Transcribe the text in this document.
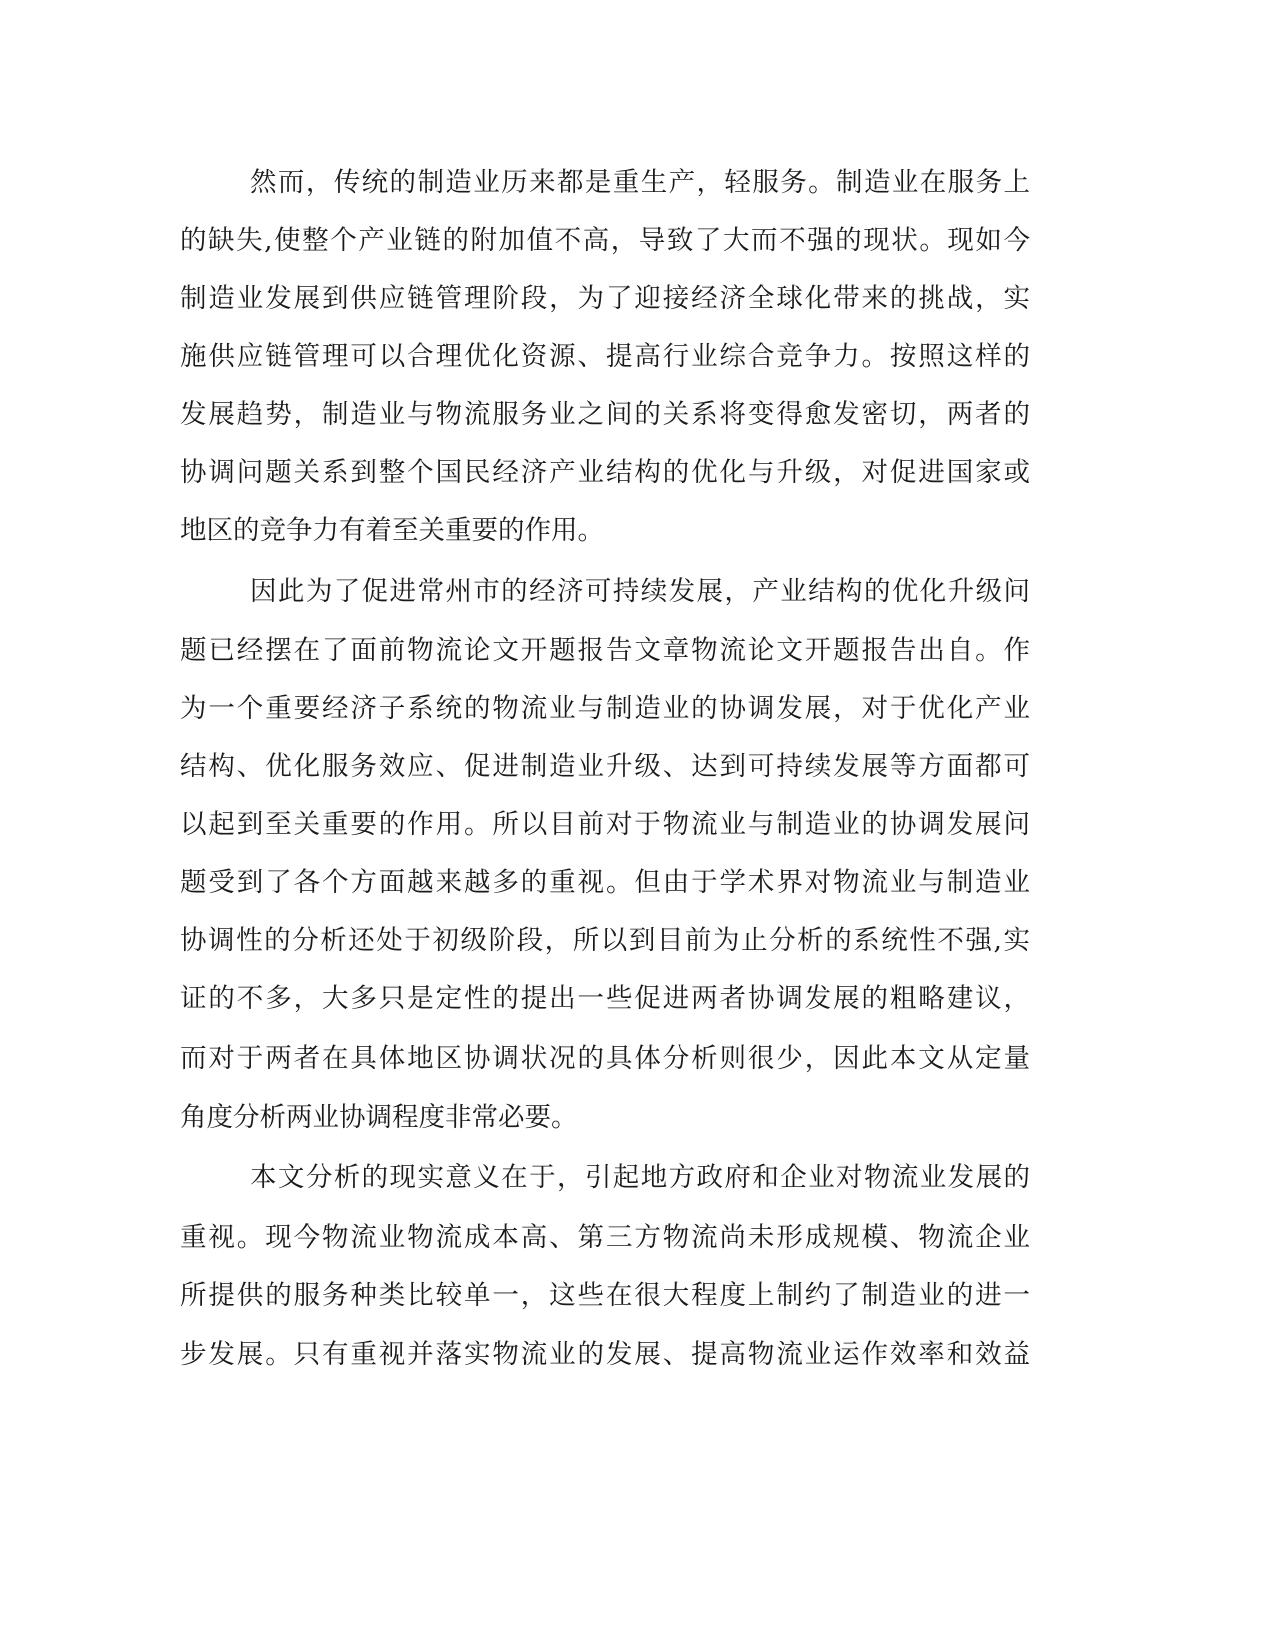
然而，传统的制造业历来都是重生产，轻服务。制造业在服务上
的缺失,使整个产业链的附加值不高，导致了大而不强的现状。现如今
制造业发展到供应链管理阶段，为了迎接经济全球化带来的挑战，实
施供应链管理可以合理优化资源、提高行业综合竞争力。按照这样的
发展趋势，制造业与物流服务业之间的关系将变得愈发密切，两者的
协调问题关系到整个国民经济产业结构的优化与升级，对促进国家或
地区的竞争力有着至关重要的作用。
因此为了促进常州市的经济可持续发展，产业结构的优化升级问
题已经摆在了面前物流论文开题报告文章物流论文开题报告出自。作
为一个重要经济子系统的物流业与制造业的协调发展，对于优化产业
结构、优化服务效应、促进制造业升级、达到可持续发展等方面都可
以起到至关重要的作用。所以目前对于物流业与制造业的协调发展问
题受到了各个方面越来越多的重视。但由于学术界对物流业与制造业
协调性的分析还处于初级阶段，所以到目前为止分析的系统性不强,实
证的不多，大多只是定性的提出一些促进两者协调发展的粗略建议，
而对于两者在具体地区协调状况的具体分析则很少，因此本文从定量
角度分析两业协调程度非常必要。
本文分析的现实意义在于，引起地方政府和企业对物流业发展的
重视。现今物流业物流成本高、第三方物流尚未形成规模、物流企业
所提供的服务种类比较单一，这些在很大程度上制约了制造业的进一
步发展。只有重视并落实物流业的发展、提高物流业运作效率和效益
